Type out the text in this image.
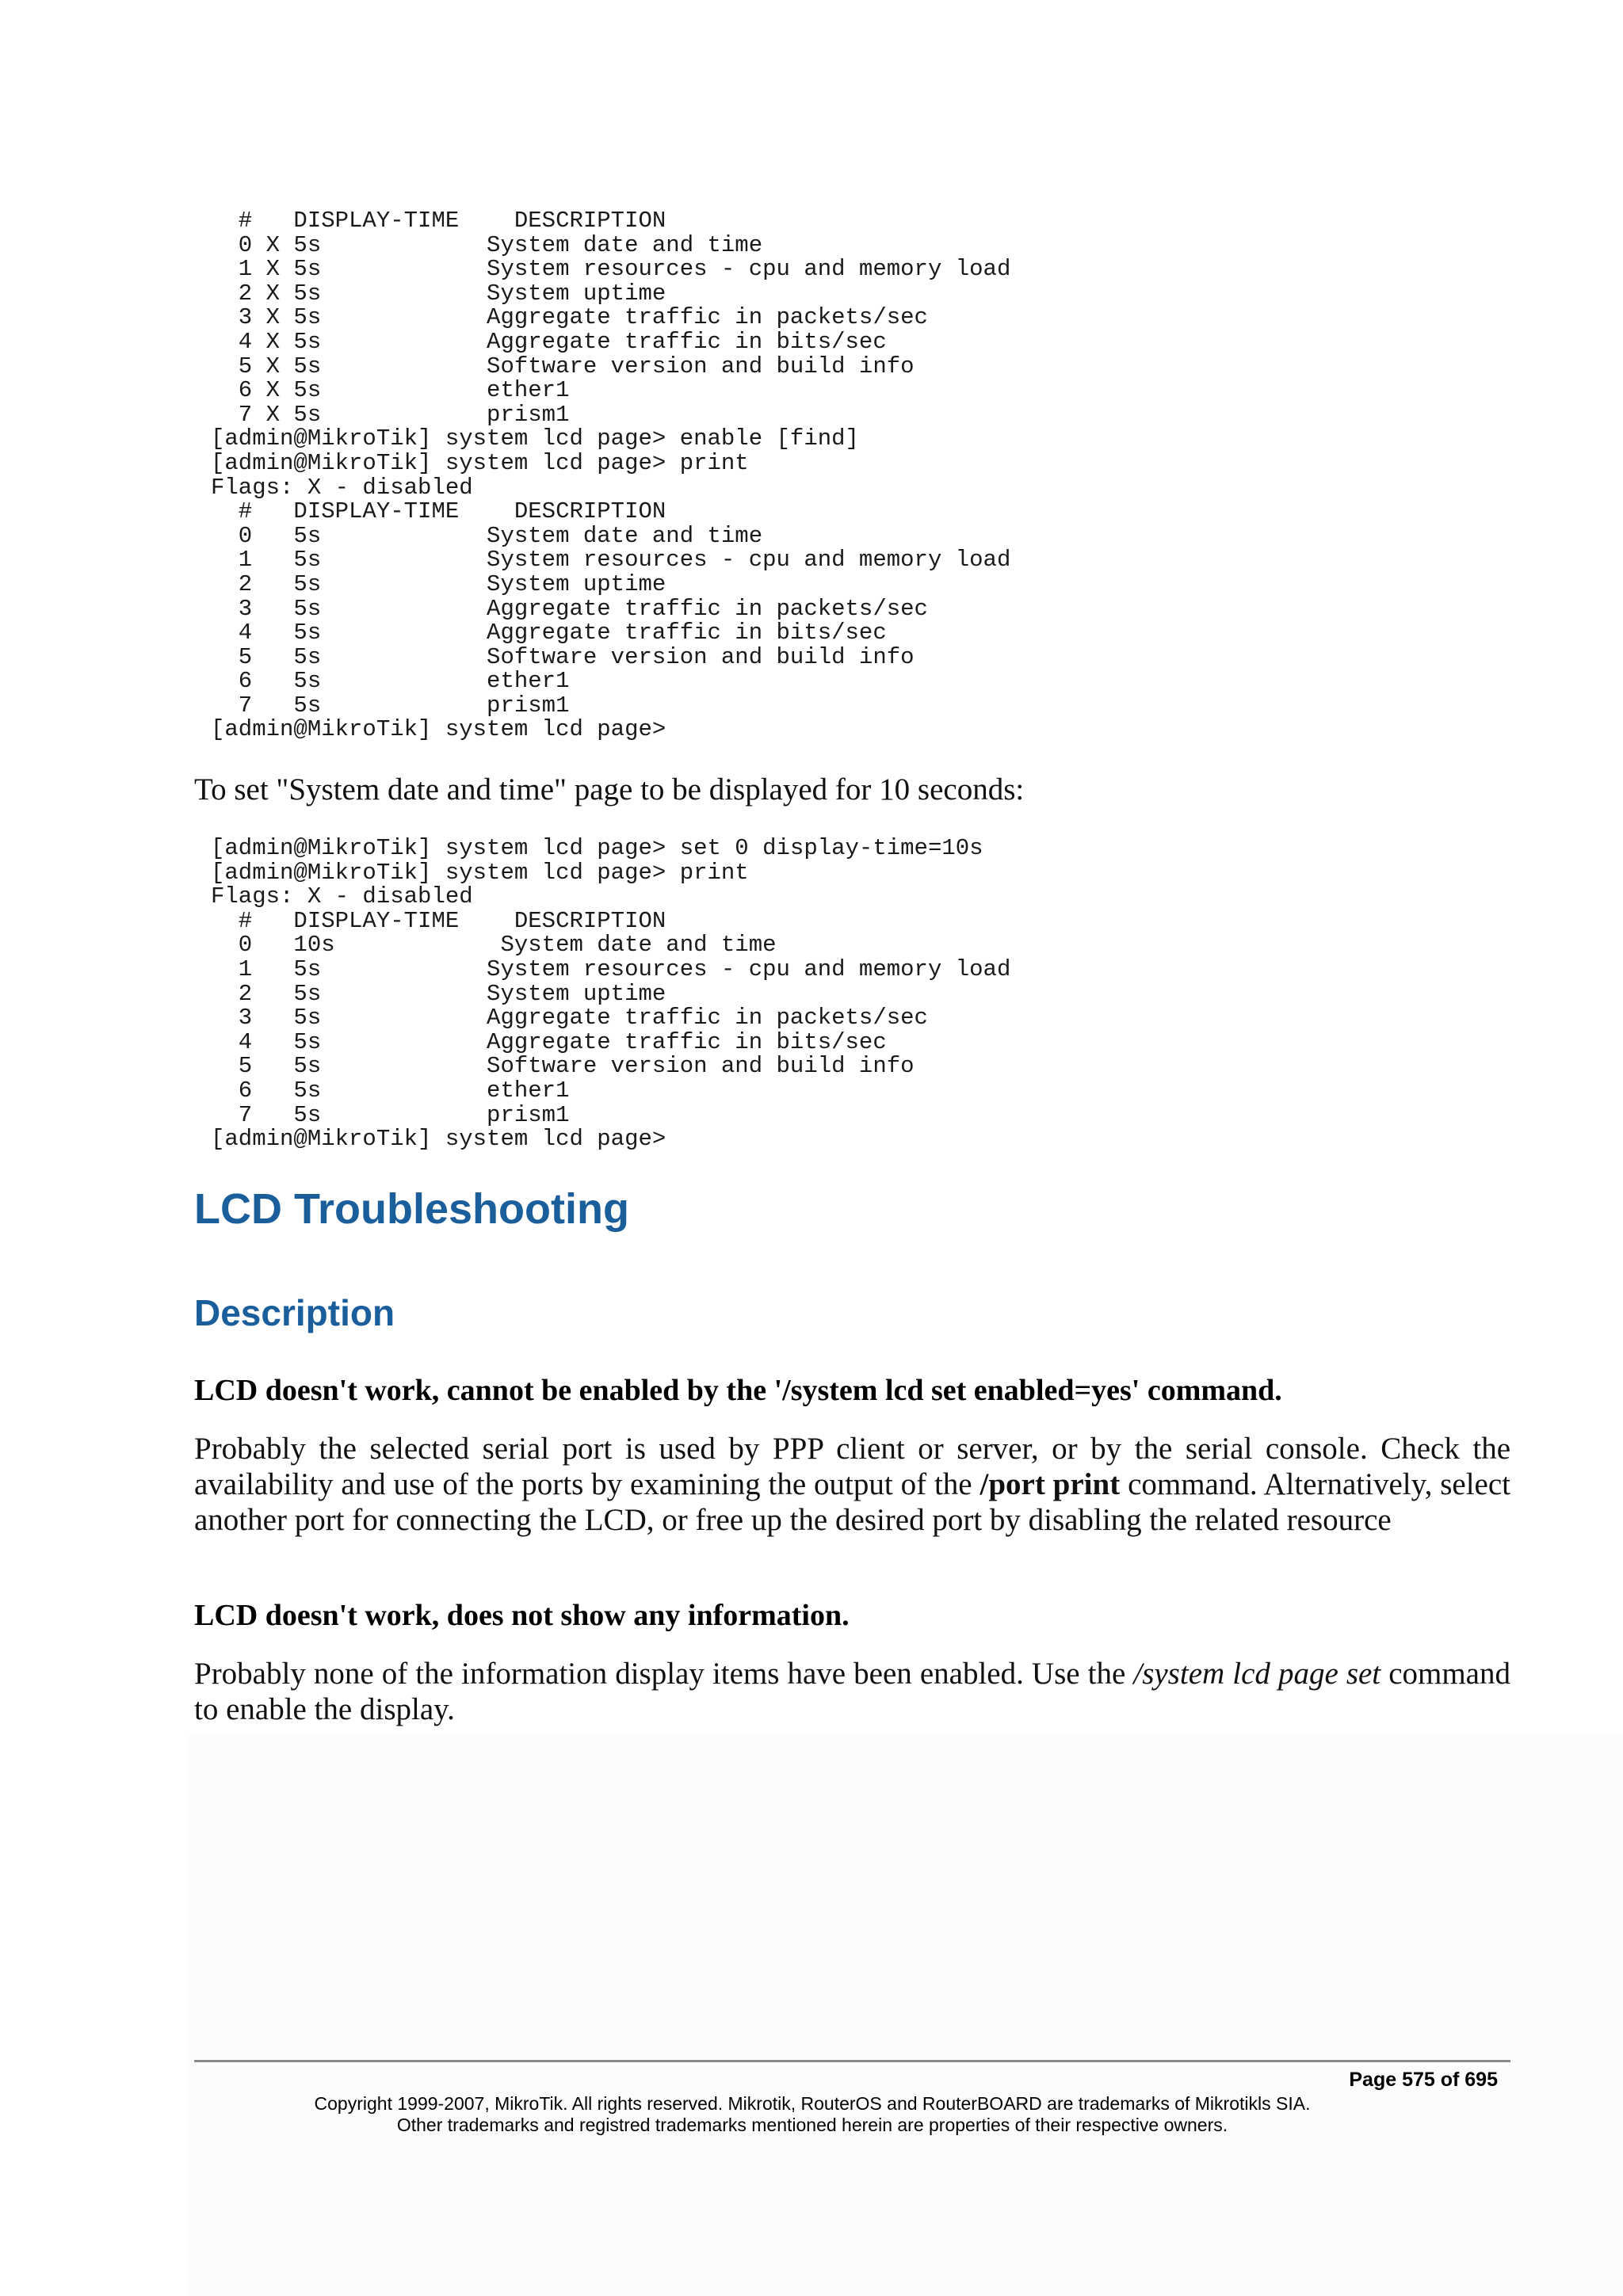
#   DISPLAY-TIME    DESCRIPTION
0 X 5s            System date and time
1 X 5s            System resources - cpu and memory load
2 X 5s            System uptime
3 X 5s            Aggregate traffic in packets/sec
4 X 5s            Aggregate traffic in bits/sec
5 X 5s            Software version and build info
6 X 5s            ether1
7 X 5s            prism1
[admin@MikroTik] system lcd page> enable [find]
[admin@MikroTik] system lcd page> print
Flags: X - disabled
#   DISPLAY-TIME    DESCRIPTION
0   5s            System date and time
1   5s            System resources - cpu and memory load
2   5s            System uptime
3   5s            Aggregate traffic in packets/sec
4   5s            Aggregate traffic in bits/sec
5   5s            Software version and build info
6   5s            ether1
7   5s            prism1
[admin@MikroTik] system lcd page>

To set "System date and time" page to be displayed for 10 seconds:

[admin@MikroTik] system lcd page> set 0 display-time=10s
[admin@MikroTik] system lcd page> print
Flags: X - disabled
#   DISPLAY-TIME    DESCRIPTION
0   10s            System date and time
1   5s            System resources - cpu and memory load
2   5s            System uptime
3   5s            Aggregate traffic in packets/sec
4   5s            Aggregate traffic in bits/sec
5   5s            Software version and build info
6   5s            ether1
7   5s            prism1
[admin@MikroTik] system lcd page>
LCD Troubleshooting
Description

LCD doesn't work, cannot be enabled by the '/system lcd set enabled=yes' command.

Probably the selected serial port is used by PPP client or server, or by the serial console. Check the availability and use of the ports by examining the output of the /port print command. Alternatively, select another port for connecting the LCD, or free up the desired port by disabling the related resource

LCD doesn't work, does not show any information.

Probably none of the information display items have been enabled. Use the /system lcd page set command to enable the display.

Page 575 of 695
Copyright 1999-2007, MikroTik. All rights reserved. Mikrotik, RouterOS and RouterBOARD are trademarks of Mikrotikls SIA.
Other trademarks and registred trademarks mentioned herein are properties of their respective owners.
